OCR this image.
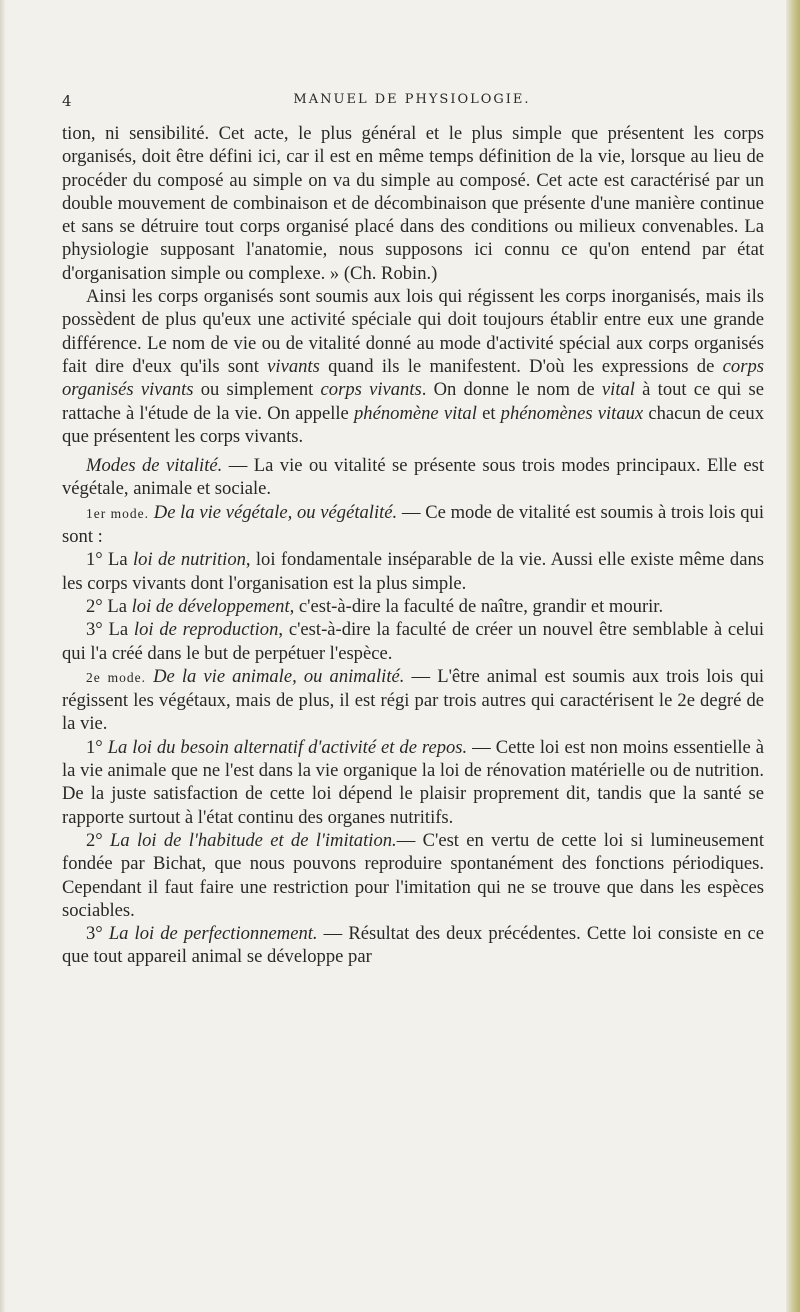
4	MANUEL DE PHYSIOLOGIE.

tion, ni sensibilité. Cet acte, le plus général et le plus simple que présentent les corps organisés, doit être défini ici, car il est en même temps définition de la vie, lorsque au lieu de procéder du composé au simple on va du simple au composé. Cet acte est caractérisé par un double mouvement de combinaison et de décombinaison que présente d'une manière continue et sans se détruire tout corps organisé placé dans des conditions ou milieux convenables. La physiologie supposant l'anatomie, nous supposons ici connu ce qu'on entend par état d'organisation simple ou complexe. » (Ch. Robin.)

Ainsi les corps organisés sont soumis aux lois qui régissent les corps inorganisés, mais ils possèdent de plus qu'eux une activité spéciale qui doit toujours établir entre eux une grande différence. Le nom de vie ou de vitalité donné au mode d'activité spécial aux corps organisés fait dire d'eux qu'ils sont vivants quand ils le manifestent. D'où les expressions de corps organisés vivants ou simplement corps vivants. On donne le nom de vital à tout ce qui se rattache à l'étude de la vie. On appelle phénomène vital et phénomènes vitaux chacun de ceux que présentent les corps vivants.

Modes de vitalité. — La vie ou vitalité se présente sous trois modes principaux. Elle est végétale, animale et sociale.

1er mode. De la vie végétale, ou végétalité. — Ce mode de vitalité est soumis à trois lois qui sont :

1° La loi de nutrition, loi fondamentale inséparable de la vie. Aussi elle existe même dans les corps vivants dont l'organisation est la plus simple.

2° La loi de développement, c'est-à-dire la faculté de naître, grandir et mourir.

3° La loi de reproduction, c'est-à-dire la faculté de créer un nouvel être semblable à celui qui l'a créé dans le but de perpétuer l'espèce.

2e mode. De la vie animale, ou animalité. — L'être animal est soumis aux trois lois qui régissent les végétaux, mais de plus, il est régi par trois autres qui caractérisent le 2e degré de la vie.

1° La loi du besoin alternatif d'activité et de repos. — Cette loi est non moins essentielle à la vie animale que ne l'est dans la vie organique la loi de rénovation matérielle ou de nutrition. De la juste satisfaction de cette loi dépend le plaisir proprement dit, tandis que la santé se rapporte surtout à l'état continu des organes nutritifs.

2° La loi de l'habitude et de l'imitation.— C'est en vertu de cette loi si lumineusement fondée par Bichat, que nous pouvons reproduire spontanément des fonctions périodiques. Cependant il faut faire une restriction pour l'imitation qui ne se trouve que dans les espèces sociables.

3° La loi de perfectionnement. — Résultat des deux précédentes. Cette loi consiste en ce que tout appareil animal se développe par
